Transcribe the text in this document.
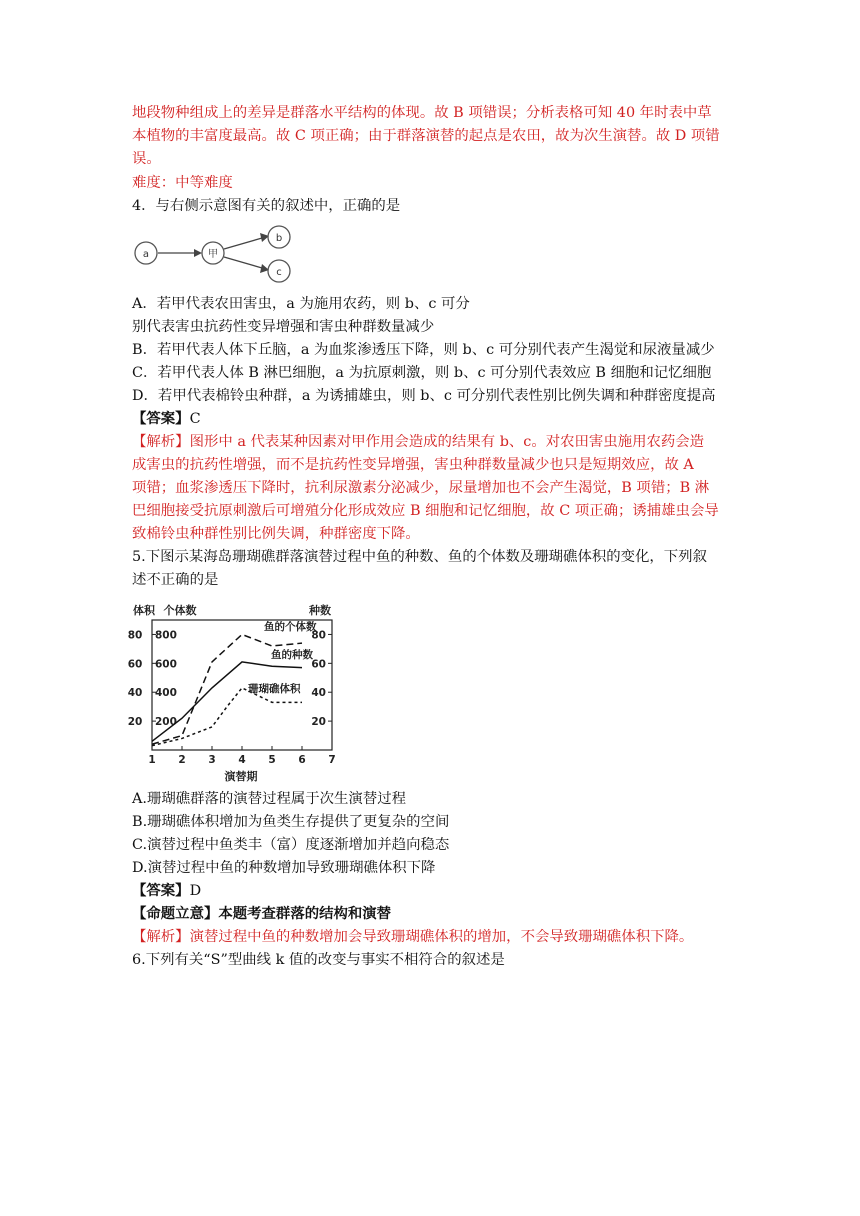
地段物种组成上的差异是群落水平结构的体现。故 B 项错误；分析表格可知 40 年时表中草
本植物的丰富度最高。故 C 项正确；由于群落演替的起点是农田，故为次生演替。故 D 项错
误。
难度：中等难度
4．与右侧示意图有关的叙述中，正确的是
a	甲
b
c
A．若甲代表农田害虫，a 为施用农药，则 b、c 可分
别代表害虫抗药性变异增强和害虫种群数量减少
B．若甲代表人体下丘脑，a 为血浆渗透压下降，则 b、c 可分别代表产生渴觉和尿液量减少
C．若甲代表人体 B 淋巴细胞，a 为抗原刺激，则 b、c 可分别代表效应 B 细胞和记忆细胞
D．若甲代表棉铃虫种群，a 为诱捕雄虫，则 b、c 可分别代表性别比例失调和种群密度提高
【答案】C
【解析】图形中 a 代表某种因素对甲作用会造成的结果有 b、c。对农田害虫施用农药会造
成害虫的抗药性增强，而不是抗药性变异增强，害虫种群数量减少也只是短期效应，故 A
项错；血浆渗透压下降时，抗利尿激素分泌减少，尿量增加也不会产生渴觉，B 项错；B 淋
巴细胞接受抗原刺激后可增殖分化形成效应 B 细胞和记忆细胞，故 C 项正确；诱捕雄虫会导
致棉铃虫种群性别比例失调，种群密度下降。
5.下图示某海岛珊瑚礁群落演替过程中鱼的种数、鱼的个体数及珊瑚礁体积的变化，下列叙
述不正确的是
体积 个体数	种数
演替期
鱼的个体数
鱼的种数
珊瑚礁体积
1 2 3 4 5 6 7
20 200
40 400
60 600
80 800
20
40
60
80
A.珊瑚礁群落的演替过程属于次生演替过程
B.珊瑚礁体积增加为鱼类生存提供了更复杂的空间
C.演替过程中鱼类丰（富）度逐渐增加并趋向稳态
D.演替过程中鱼的种数增加导致珊瑚礁体积下降
【答案】D
【命题立意】本题考查群落的结构和演替
【解析】演替过程中鱼的种数增加会导致珊瑚礁体积的增加，不会导致珊瑚礁体积下降。
6.下列有关“S”型曲线 k 值的改变与事实不相符合的叙述是
